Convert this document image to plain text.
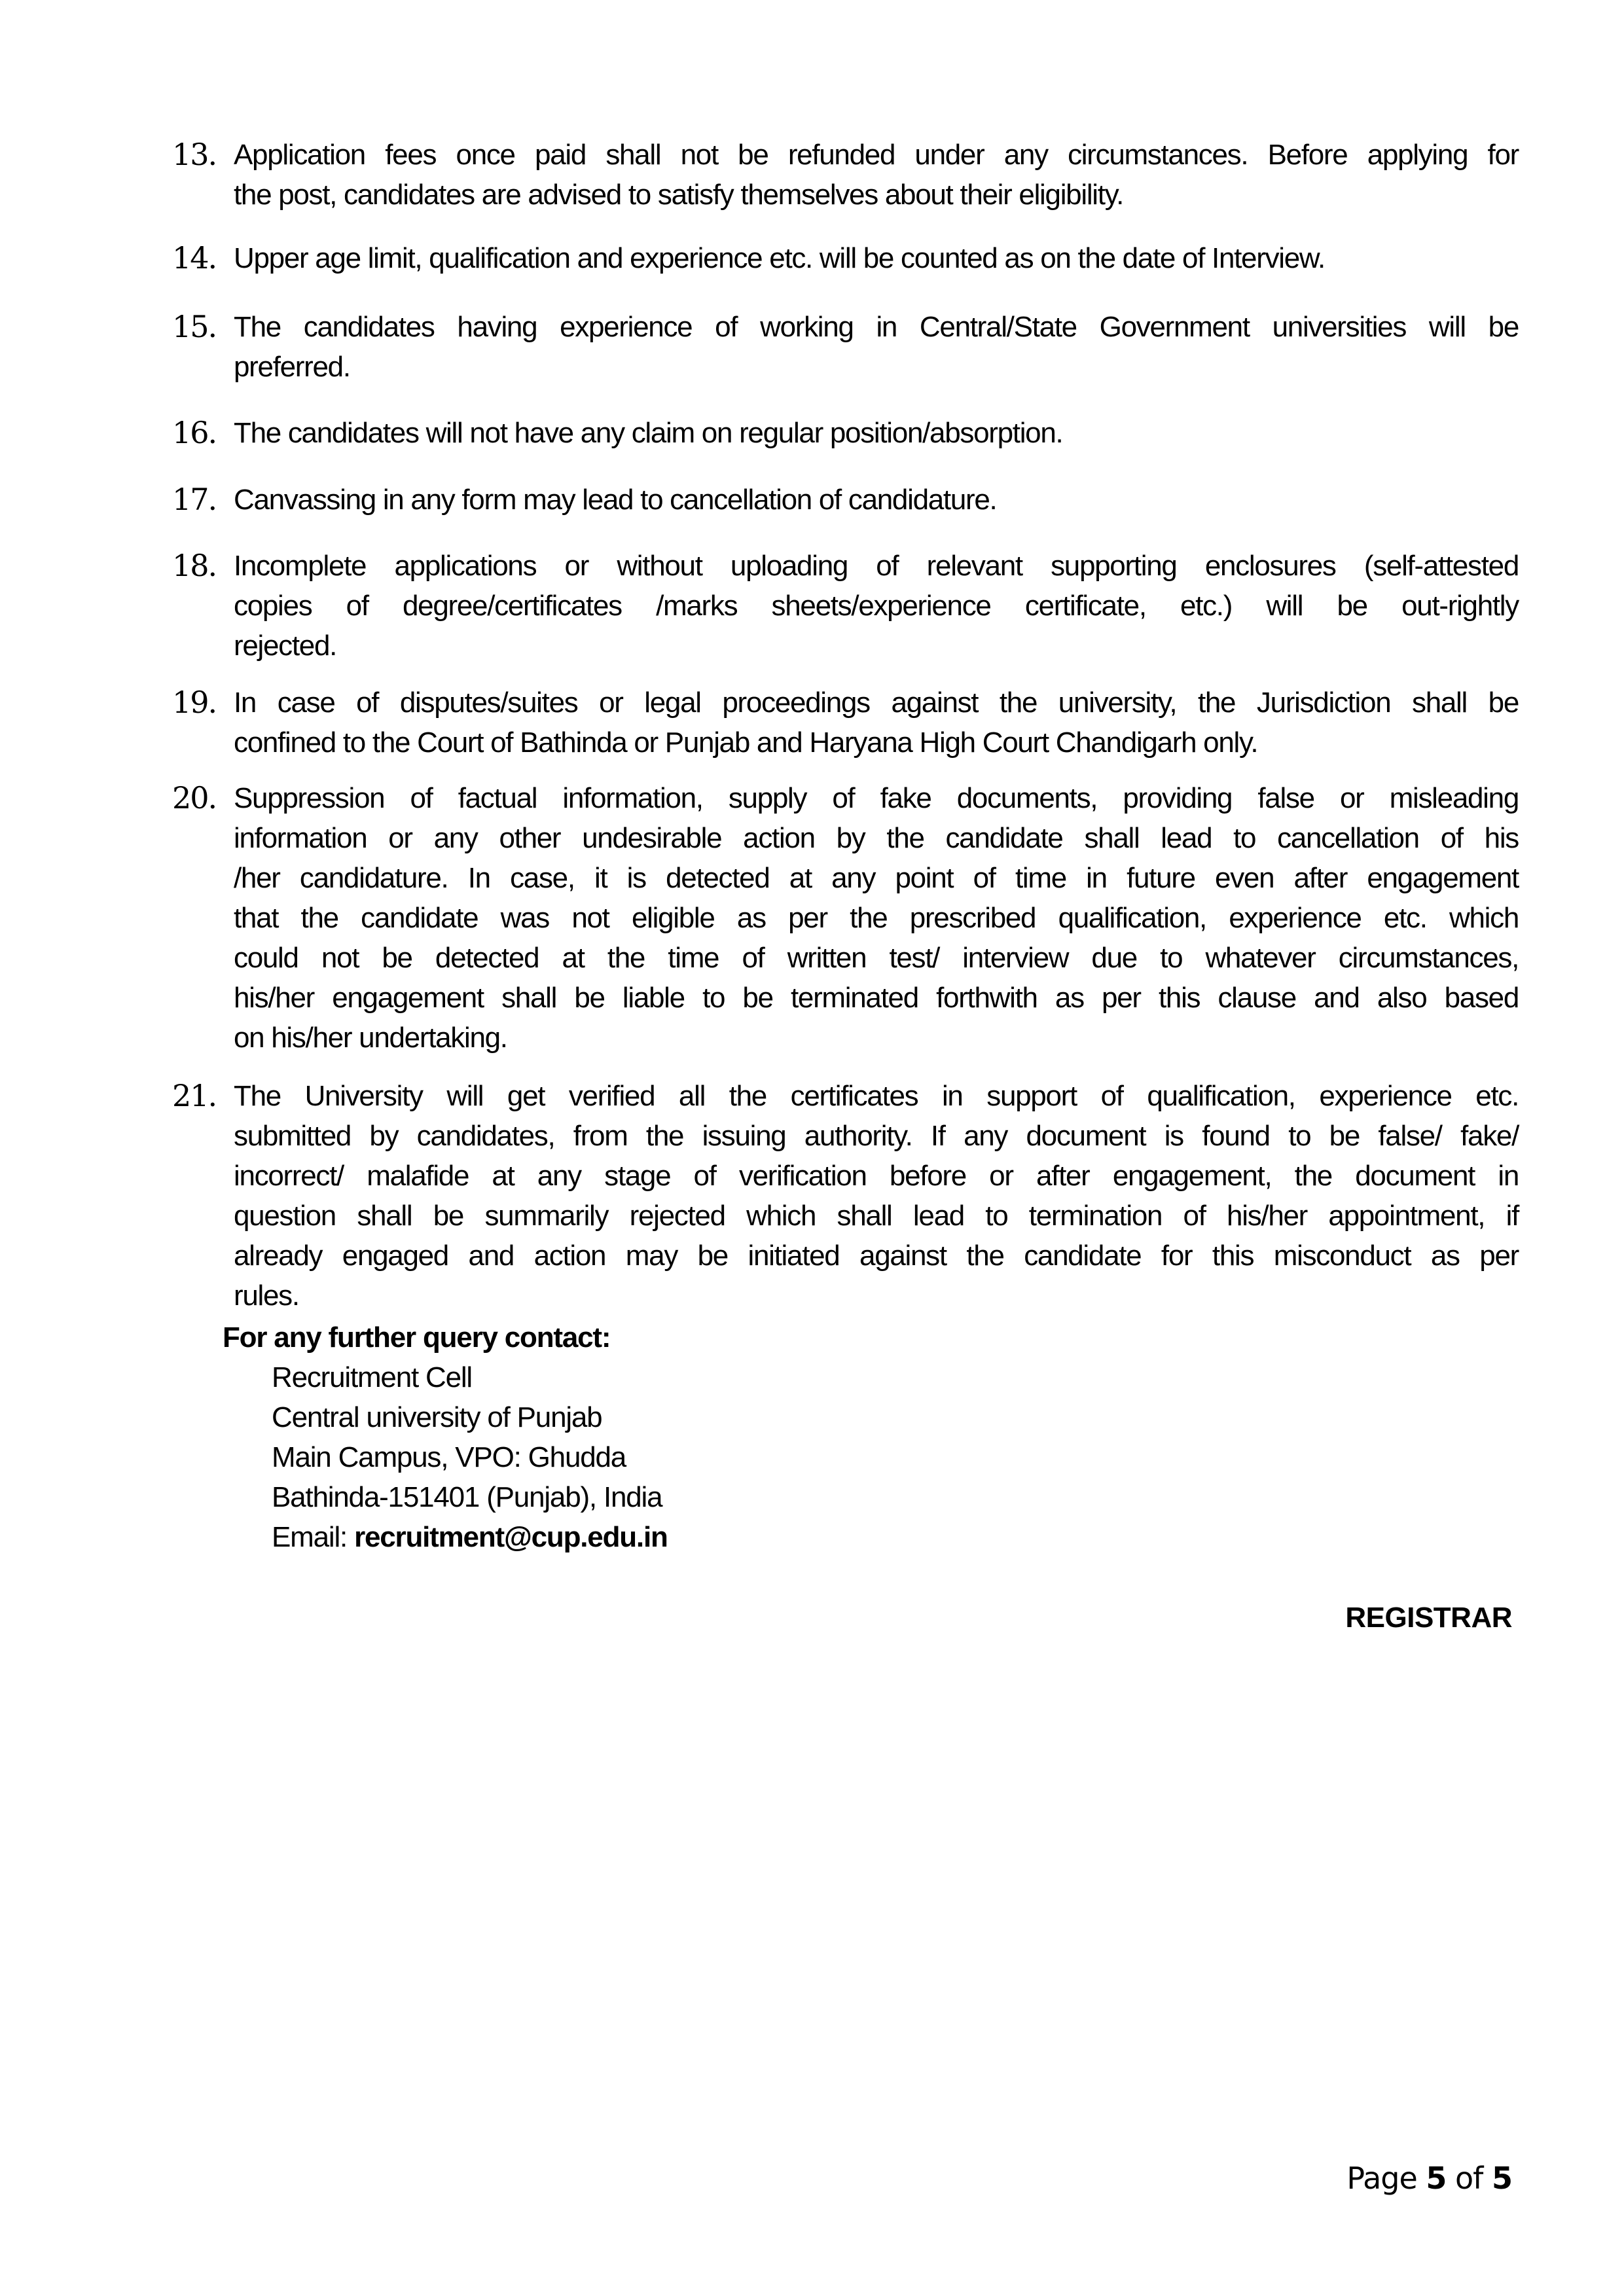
13. Application fees once paid shall not be refunded under any circumstances. Before applying for
the post, candidates are advised to satisfy themselves about their eligibility.
14. Upper age limit, qualification and experience etc. will be counted as on the date of Interview.
15. The candidates having experience of working in Central/State Government universities will be
preferred.
16. The candidates will not have any claim on regular position/absorption.
17. Canvassing in any form may lead to cancellation of candidature.
18. Incomplete applications or without uploading of relevant supporting enclosures (self-attested
copies of degree/certificates /marks sheets/experience certificate, etc.) will be out-rightly
rejected.
19. In case of disputes/suites or legal proceedings against the university, the Jurisdiction shall be
confined to the Court of Bathinda or Punjab and Haryana High Court Chandigarh only.
20. Suppression of factual information, supply of fake documents, providing false or misleading
information or any other undesirable action by the candidate shall lead to cancellation of his
/her candidature. In case, it is detected at any point of time in future even after engagement
that the candidate was not eligible as per the prescribed qualification, experience etc. which
could not be detected at the time of written test/ interview due to whatever circumstances,
his/her engagement shall be liable to be terminated forthwith as per this clause and also based
on his/her undertaking.
21. The University will get verified all the certificates in support of qualification, experience etc.
submitted by candidates, from the issuing authority. If any document is found to be false/ fake/
incorrect/ malafide at any stage of verification before or after engagement, the document in
question shall be summarily rejected which shall lead to termination of his/her appointment, if
already engaged and action may be initiated against the candidate for this misconduct as per
rules.
For any further query contact:
Recruitment Cell
Central university of Punjab
Main Campus, VPO: Ghudda
Bathinda-151401 (Punjab), India
Email: recruitment@cup.edu.in
REGISTRAR
Page 5 of 5
